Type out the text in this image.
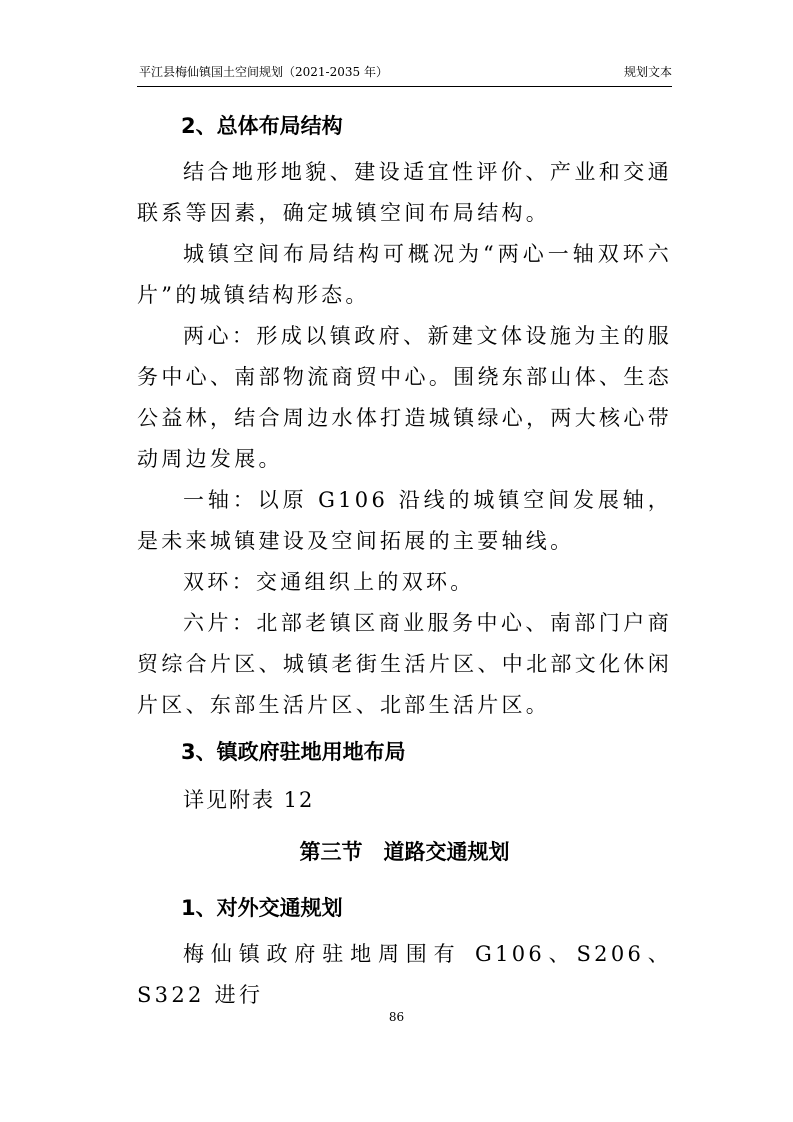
平江县梅仙镇国土空间规划（2021-2035 年）	规划文本

2、总体布局结构

结合地形地貌、建设适宜性评价、产业和交通联系等因素，确定城镇空间布局结构。

城镇空间布局结构可概况为“两心一轴双环六片”的城镇结构形态。

两心：形成以镇政府、新建文体设施为主的服务中心、南部物流商贸中心。围绕东部山体、生态公益林，结合周边水体打造城镇绿心，两大核心带动周边发展。

一轴：以原 G106 沿线的城镇空间发展轴，是未来城镇建设及空间拓展的主要轴线。

双环：交通组织上的双环。

六片：北部老镇区商业服务中心、南部门户商贸综合片区、城镇老街生活片区、中北部文化休闲片区、东部生活片区、北部生活片区。

3、镇政府驻地用地布局

详见附表 12

第三节　道路交通规划

1、对外交通规划

梅仙镇政府驻地周围有 G106、S206、S322 进行

86
